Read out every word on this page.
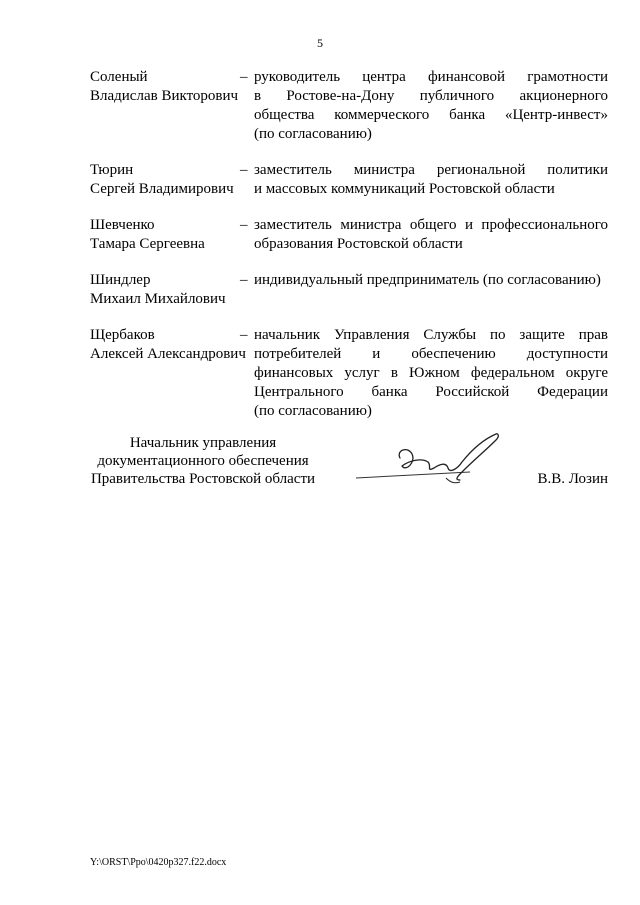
5
Соленый
Владислав Викторович
– руководитель центра финансовой грамотности
в Ростове-на-Дону публичного акционерного
общества коммерческого банка «Центр-инвест»
(по согласованию)
Тюрин
Сергей Владимирович
– заместитель министра региональной политики
и массовых коммуникаций Ростовской области
Шевченко
Тамара Сергеевна
– заместитель министра общего и профессионального
образования Ростовской области
Шиндлер
Михаил Михайлович
– индивидуальный предприниматель (по согласованию)
Щербаков
Алексей Александрович
– начальник Управления Службы по защите прав
потребителей и обеспечению доступности
финансовых услуг в Южном федеральном округе
Центрального банка Российской Федерации
(по согласованию)
Начальник управления
документационного обеспечения
Правительства Ростовской области	В.В. Лозин
Y:\ORST\Ppo\0420p327.f22.docx
